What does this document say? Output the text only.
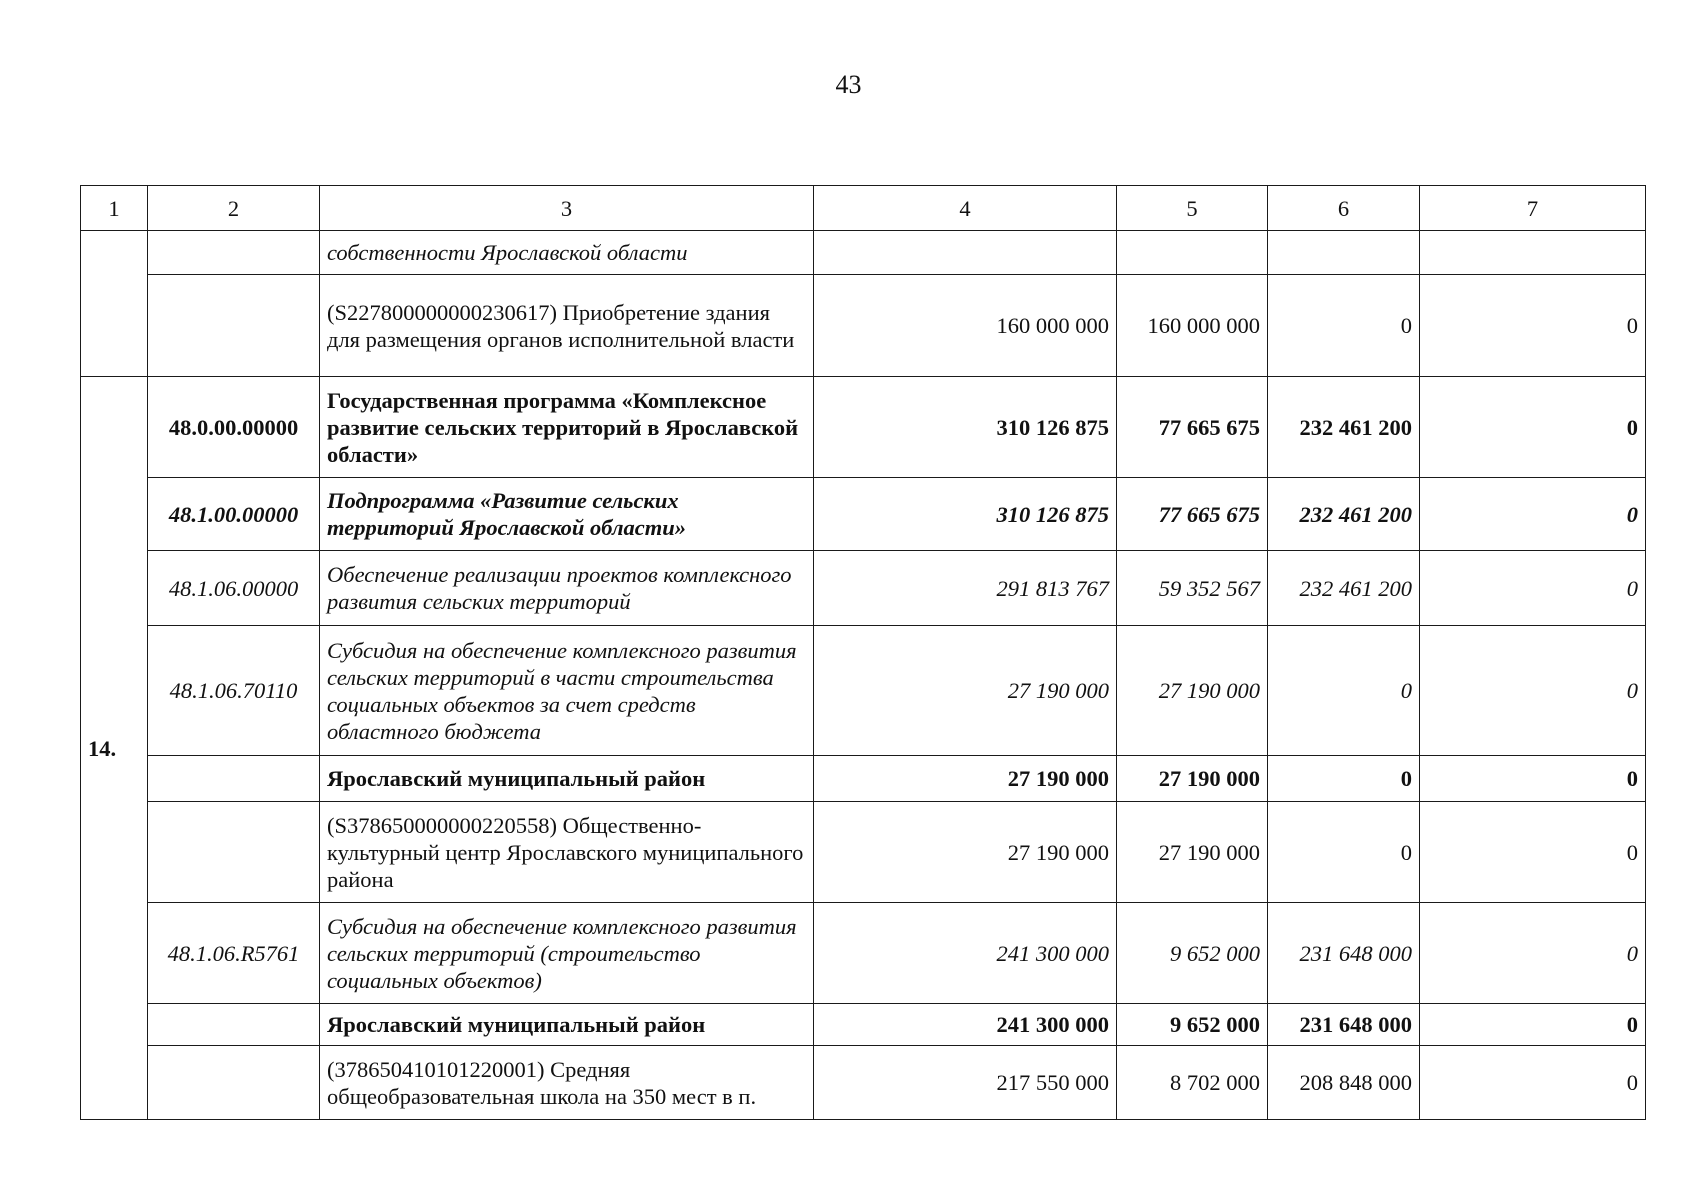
43
1	2	3	4	5	6	7
		собственности Ярославской области				
		(S227800000000230617) Приобретение здания для размещения органов исполнительной власти	160 000 000	160 000 000	0	0
14.	48.0.00.00000	Государственная программа «Комплексное развитие сельских территорий в Ярославской области»	310 126 875	77 665 675	232 461 200	0
	48.1.00.00000	Подпрограмма «Развитие сельских территорий Ярославской области»	310 126 875	77 665 675	232 461 200	0
	48.1.06.00000	Обеспечение реализации проектов комплексного развития сельских территорий	291 813 767	59 352 567	232 461 200	0
	48.1.06.70110	Субсидия на обеспечение комплексного развития сельских территорий в части строительства социальных объектов за счет средств областного бюджета	27 190 000	27 190 000	0	0
		Ярославский муниципальный район	27 190 000	27 190 000	0	0
		(S378650000000220558) Общественно-культурный центр Ярославского муниципального района	27 190 000	27 190 000	0	0
	48.1.06.R5761	Субсидия на обеспечение комплексного развития сельских территорий (строительство социальных объектов)	241 300 000	9 652 000	231 648 000	0
		Ярославский муниципальный район	241 300 000	9 652 000	231 648 000	0
		(378650410101220001) Средняя общеобразовательная школа на 350 мест в п.	217 550 000	8 702 000	208 848 000	0
